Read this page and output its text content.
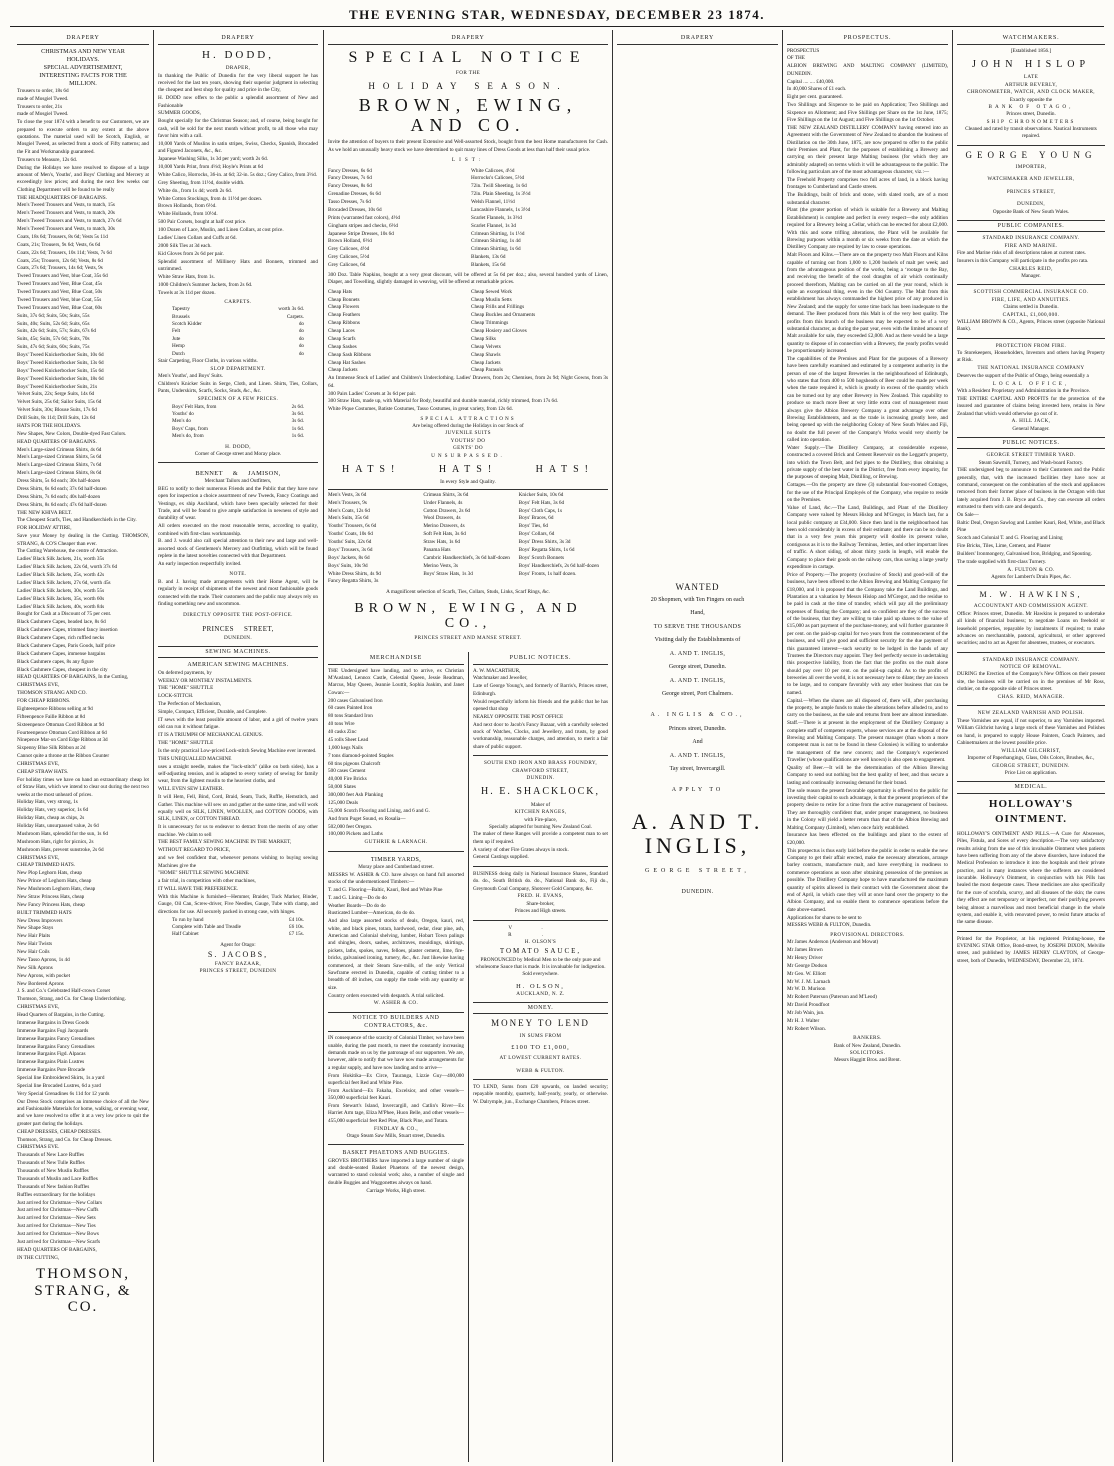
THE EVENING STAR, WEDNESDAY, DECEMBER 23 1874.
DRAPERY
CHRISTMAS AND NEW YEAR
HOLIDAYS.
SPECIAL ADVERTISEMENT,
INTERESTING FACTS FOR THE
MILLION.
Trousers to order, 18s 6d
made of Mosgiel Tweed.
Trousers to order, 21s
made of Mosgiel Tweed.
To close the year 1874 with a benefit to our Customers, we are prepared to execute orders to any extent at the above quotations. The material used will be Scotch, English, or Mosgiel Tweed, as selected from a stock of Fifty natterns; and the Fit and Workmanship guaranteed.
Trousers to Measure, 12s 6d.
During the Holidays we have resolved to dispose of a large amount of Men's, Youths', and Boys' Clothing and Mercery at exceedingly low prices; and during the next few weeks our Clothing Department will be found to be really
THE HEADQUARTERS OF BARGAINS.
Men's Tweed Trousers and Vests, to match, 15s
Men's Tweed Trousers and Vests, to match, 20s
Men's Tweed Trousers and Vests, to match, 27s 6d
Men's Tweed Trousers and Vests, to match, 30s
Coats, 18s 6d; Trousers, 8s 6d; Vests 5s 11d
Coats, 21s; Trousers, 9s 6d; Vests, 6s 6d
Coats, 22s 6d; Trousers, 10s 11d; Vests, 7s 6d
Coats, 25s; Trousers, 12s 6d; Vests, 8s 6d
Coats, 27s 6d; Trousers, 14s 6d; Vests, 9s
Tweed Trousers and Vest, blue Coat, 35s 6d
Tweed Trousers and Vest, Blue Coat, 45s
Tweed Trousers and Vest, Blue Coat, 50s
Tweed Trousers and Vest, blue Coat, 55s
Tweed Trousers and Vest, Blue Coat, 60s
Suits, 37s 6d; Suits, 50s; Suits, 55s
Suits, 40s; Suits, 52s 6d; Suits, 65s
Suits, 42s 6d; Suits, 57s; Suits, 67s 6d
Suits, 45s; Suits, 57s 6d; Suits, 70s
Suits, 47s 6d; Suits, 60s; Suits, 75s
Boys' Tweed Knickerbocker Suits, 10s 6d
Boys' Tweed Knickerbocker Suits, 13s 6d
Boys' Tweed Knickerbocker Suits, 15s 6d
Boys' Tweed Knickerbocker Suits, 18s 6d
Boys' Tweed Knickerbocker Suits, 21s
Velvet Suits, 22s; Serge Suits, 14s 6d
Velvet Suits, 25s 6d; Sailor Suits, 15s 6d
Velvet Suits, 30s; Blouse Suits, 17s 6d
Drill Suits, 8s 11d; Drill Suits, 12s 6d
HATS FOR THE HOLIDAYS.
New Shapes, New Colors, Double-dyed Fast Colors.
HEAD QUARTERS OF BARGAINS.
Men's Large-sized Crimean Shirts, 4s 6d
Men's Large-sized Crimean Shirts, 5s 6d
Men's Large-sized Crimean Shirts, 7s 6d
Men's Large-sized Crimean Shirts, 8s 6d
Dress Shirts, 5s 6d each; 30s half-dozen
Dress Shirts, 6s 6d each; 37s 6d half-dozen
Dress Shirts, 7s 6d each; 40s half-dozen
Dress Shirts, 8s 6d each; 47s 6d half-dozen
THE NEW KHIVA BELT.
The Cheapest Scarfs, Ties, and Handkerchiefs in the City.
FOR HOLIDAY ATTIRE,
Save your Money by dealing in the Cutting. THOMSON, STRANG, & CO'S Cheaper than ever.
The Cutting Warehouse, the centre of Attraction.
Ladies' Black Silk Jackets, 21s, worth 35s
Ladies' Black Silk Jackets, 22s 6d, worth 37s 6d
Ladies' Black Silk Jackets, 25s, worth 42s
Ladies' Black Silk Jackets, 27s 6d, worth 45s
Ladies' Black Silk Jackets, 30s, worth 55s
Ladies' Black Silk Jackets, 35s, worth 60s
Ladies' Black Silk Jackets, 40s, worth 84s
Bought for Cash at a Discount of 75 per cent.
Black Cashmere Capes, beaded lace, 8s 6d
Black Cashmere Capes, trimmed fancy insertion
Black Cashmere Capes, rich ruffled necks
Black Cashmere Capes, Paris Goods, half price
Black Cashmere Capes, immense bargains
Black Cashmere capes, 8s any figure
Black Cashmere Capes, cheapest in the city
HEAD QUARTERS OF BARGAINS, In the Cutting,
CHRISTMAS EVE,
THOMSON STRANG AND CO.
FOR CHEAP RIBBONS.
Eighteenpence Ribbons selling at 9d
Fifteenpence Faille Ribbon at 8d
Sixteenpence Ottoman Cord Ribbon at 9d
Fourteenpence Ottoman Cord Ribbon at 6d
Ninepence Mar-on Cord Edge Ribbon at 3d
Sixpenny Blue Silk Ribbon at 2d
Cannot quite a throne at the Ribbon Counter
CHRISTMAS EVE,
CHEAP STRAW HATS.
For holiday times we have on hand an extraordinary cheap lot of Straw Hats, which we intend to clear out during the next two weeks at the most unheard of prices.
Holiday Hats, very strong, 1s
Holiday Hats, very superior, 1s 6d
Holiday Hats, cheap as chips, 2s
Holiday Hats, unsurpassed value, 2s 6d
Mushroom Hats, splendid for the sun, 1s 6d
Mushroom Hats, right for picnics, 2s
Mushroom Hats, prevent sunstroke, 2s 6d
CHRISTMAS EVE,
CHEAP TRIMMED HATS.
New Plop Leghorn Hats, cheap
New Prince of Leghorn Hats, cheap
New Mushroom Leghorn Hats, cheap
New Straw Princess Hats, cheap
New Fancy Princess Hats, cheap
BUILT TRIMMED HATS
New Dress Improvers
New Shape Stays
New Hair Plaits
New Hair Twists
New Hair Coils
New Tasso Aprons, 1s 4d
New Silk Aprons
New Aprons, with pocket
New Bordered Aprons
J. S. and Co.'s Celebrated Half-crown Corset
Thomson, Strang, and Co. for Cheap Underclothing.
CHRISTMAS EVE,
Head Quarters of Bargains, in the Cutting.
Immense Bargains in Dress Goods
Immense Bargains Fugi Jacquards
Immense Bargains Fancy Grenadines
Immense Bargains Fancy Grenadines
Immense Bargains Figd. Alpacas
Immense Bargains Plain Lustres
Immense Bargains Pure Brocade
Special line Embroidered Skirts, 1s a yard
Special line Brocaded Lustres, 6d a yard
Very Special Grenadines 6s 11d for 12 yards
Our Dress Stock comprises an immense choice of all the New and Fashionable Materials for home, walking, or evening wear, and we have resolved to offer it at a very low price to quit the greater part during the holidays.
CHEAP DRESSES, CHEAP DRESSES.
Thomson, Strang, and Co. for Cheap Dresses.
CHRISTMAS EVE.
Thousands of New Lace Ruffles
Thousands of New Tulle Ruffles
Thousands of New Muslin Ruffles
Thousands of Muslin and Lace Ruffles
Thousands of New fashion Ruffles
Ruffles extraordinary for the holidays
Just arrived for Christmas—New Collars
Just arrived for Christmas—New Cuffs
Just arrived for Christmas—New Sets
Just arrived for Christmas—New Ties
Just arrived for Christmas—New Bows
Just arrived for Christmas—New Scarfs
HEAD QUARTERS OF BARGAINS,
IN THE CUTTING,
THOMSON, STRANG, & CO.
DRAPERY
H. DODD,
DRAPER,
In thanking the Public of Dunedin for the very liberal support he has received for the last ten years, showing their superior judgment in selecting the cheapest and best shop for quality and price in the City,
H. DODD now offers to the public a splendid assortment of New and Fashionable
SUMMER GOODS,
Bought specially for the Christmas Season; and, of course, being bought for cash, will be sold for the next month without profit, to all those who may favor him with a call.
10,000 Yards of Muslins in satin stripes, Swiss, Checks, Spanish, Brocaded and Figured Jaconets, &c., &c.
Japanese Washing Silks, 1s 3d per yard; worth 2s 6d.
10,000 Yards Print, from 4½d; Hoyle's Prints at 6d
White Calico, Horrocks, 36-in. at 6d; 32-in. 5s doz.; Grey Calico, from 3½d.
Grey Sheeting, from 11½d, double width.
White do., from 1s 4d; worth 2s 6d.
White Cotton Stockings, from 4s 11½d per dozen.
Brown Hollands, from 6½d.
White Hollands, from 10½d.
500 Pair Corsets, bought at half cost price.
100 Dozen of Lace, Muslin, and Linen Collars, at cost price.
Ladies' Linen Collars and Cuffs at 6d.
2000 Silk Ties at 3d each.
Kid Gloves from 2s 6d per pair.
Splendid assortment of Millinery Hats and Bonnets, trimmed and untrimmed.
White Straw Hats, from 1s.
1000 Children's Summer Jackets, from 2s 6d.
Towels at 3s 11d per dozen.
CARPETS.
Tapestry	worth 3s 6d.
Brussels	Carpets.
Scotch Kidder	do
Felt	do
Jute	do
Hemp	do
Dutch	do
Stair Carpeting, Floor Cloths, in various widths.
SLOP DEPARTMENT.
Men's Youths', and Boys' Suits.
Children's Knicker Suits in Serge, Cloth, and Linen. Shirts, Ties, Collars, Pants, Underskirts, Scarfs, Socks, Studs, &c., &c.
SPECIMEN OF A FEW PRICES.
Boys' Felt Hats, from	2s 6d.
Youths' do	3s 6d.
Men's do	3s 6d.
Boys' Caps, from	1s 6d.
Men's do, from	1s 6d.
H. DODD,
Corner of George street and Moray place.
BENNET & JAMISON,
Merchant Tailors and Outfitters,
BEG to notify to their numerous Friends and the Public that they have now open for inspection a choice assortment of new Tweeds, Fancy Coatings and Vestings, ex ship Auckland, which have been specially selected for their Trade, and will be found to give ample satisfaction in newness of style and durability of wear.
All orders executed on the most reasonable terms, according to quality, combined with first-class workmanship.
B. and J. would also call special attention to their new and large and well-assorted stock of Gentlemen's Mercery and Outfitting, which will be found replete in the latest novelties connected with that Department.
An early inspection respectfully invited.
NOTE.
B. and J. having made arrangements with their Home Agent, will be regularly in receipt of shipments of the newest and most fashionable goods connected with the trade. Their customers and the public may always rely on finding something new and uncommon.
DIRECTLY OPPOSITE THE POST-OFFICE.
PRINCES STREET,
DUNEDIN.
SEWING MACHINES.
AMERICAN SEWING MACHINES.
On deferred payments, by
WEEKLY OR MONTHLY INSTALMENTS.
THE "HOME" SHUTTLE
LOCK-STITCH.
The Perfection of Mechanism,
Simple, Compact, Efficient, Durable, and Complete.
IT sews with the least possible amount of labor, and a girl of twelve years old can run it without fatigue.
IT IS A TRIUMPH OF MECHANICAL GENIUS.
THE "HOME" SHUTTLE
Is the only practical Low-priced Lock-stitch Sewing Machine ever invented.
THIS UNEQUALLED MACHINE
uses a straight needle, makes the "lock-stitch" (alike on both sides), has a self-adjusting tension, and is adapted to every variety of sewing for family wear, from the lightest muslin to the heaviest cloths, and
WILL EVEN SEW LEATHER.
It will Hem, Fell, Bind, Cord, Braid, Seam, Tuck, Ruffle, Hemstitch, and Gather. This machine will sew on and gather at the same time, and will work equally well on SILK, LINEN, WOOLLEN, and COTTON GOODS, with SILK, LINEN, or COTTON THREAD.
It is unnecessary for us to endeavor to detract from the merits of any other machine. We claim to sell
THE BEST FAMILY SEWING MACHINE IN THE MARKET,
WITHOUT REGARD TO PRICE,
and we feel confident that, whenever persons wishing to buying sewing Machines give the
"HOME" SHUTTLE SEWING MACHINE
a fair trial, in competition with other machines,
IT WILL HAVE THE PREFERENCE.
With this Machine is furnished—Hemmer, Braider, Tuck Marker, Binder, Gauge, Oil Can, Screw-driver, Five Needles, Gauge, Tube with clamp, and directions for use. All securely packed in strong case, with hinges.
To run by hand	£4 10s.
Complete with Table and Treadle	£6 10s.
Half Cabinet	£7 15s.
Agent for Otago:
S. JACOBS,
FANCY BAZAAR,
PRINCES STREET, DUNEDIN
DRAPERY
SPECIAL NOTICE
FOR THE
HOLIDAY SEASON.
BROWN, EWING, AND CO.
Invite the attention of buyers to their present Extensive and Well-assorted Stock, bought from the best Home manufacturers for Cash. As we hold an unusually heavy stock we have determined to quit many lines of Dress Goods at less than half their usual price.
LIST:
Fancy Dresses, 6s 6d
Fancy Dresses, 7s 6d
Fancy Dresses, 8s 6d
Grenadine Dresses, 6s 6d
Tasso Dresses, 7s 6d
Brocaded Dresses, 10s 6d
Prints (warranted fast colors), 4½d
Gingham stripes and checks, 6½d
Japanese Stripe Dresses, 10s 6d
Brown Holland, 6½d
Grey Calicoes, 4½d
Grey Calicoes, 5½d
Grey Calicoes, 6d
White Calicoes, 4½d
Horrocks's Calicoes, 5½d
72in. Twill Sheeting, 1s 6d
72in. Plain Sheeting, 1s 3½d
Welsh Flannel, 11½d
Lancashire Flannels, 1s 3½d
Scarlet Flannels, 1s 3½d
Scarlet Flannel, 1s 3d
Crimean Shirting, 1s 1½d
Crimean Shirting, 1s 4d
Crimean Shirting, 1s 6d
Blankets, 13s 6d
Blankets, 15s 6d
300 Doz. Table Napkins, bought at a very great discount, will be offered at 5s 6d per doz.; also, several hundred yards of Linen, Diaper, and Towelling, slightly damaged in weaving, will be offered at remarkable prices.
Cheap Hats
Cheap Bonnets
Cheap Flowers
Cheap Feathers
Cheap Ribbons
Cheap Laces
Cheap Scarfs
Cheap Sashes
Cheap Sash Ribbons
Cheap Hat Sashes
Cheap Jackets
Cheap Sewed Work
Cheap Muslin Setts
Cheap Frills and Frillings
Cheap Buckles and Ornaments
Cheap Trimmings
Cheap Hosiery and Gloves
Cheap Silks
Cheap Velvets
Cheap Shawls
Cheap Jackets
Cheap Parasols
An Immense Stock of Ladies' and Children's Underclothing. Ladies' Drawers, from 2s; Chemises, from 2s 9d; Night Gowns, from 3s 6d.
300 Pairs Ladies' Corsets at 3s 6d per pair.
300 Straw Hats, made up, with Material for Body, beautiful and durable material, richly trimmed, from 17s 6d.
White Pique Costumes, Batiste Costumes, Tasso Costumes, in great variety, from 12s 6d.
SPECIAL ATTRACTIONS
Are being offered during the Holidays in our Stock of
JUVENILE SUITS
YOUTHS' DO
GENTS' DO
UNSURPASSED.
HATS! HATS! HATS!
In every Style and Quality.
Men's Vests, 3s 6d
Men's Trousers, 9s
Men's Coats, 12s 6d
Men's Suits, 35s 6d
Youths' Trousers, 6s 6d
Youths' Coats, 10s 6d
Youths' Suits, 32s 6d
Boys' Trousers, 3s 6d
Boys' Jackets, 8s 6d
Boys' Suits, 10s 9d
White Dress Shirts, 4s 9d
Fancy Regatta Shirts, 3s
Crimean Shirts, 3s 6d
Under Flannels, 4s
Cotton Drawers, 2s 6d
Wool Drawers, 4s
Merino Drawers, 4s
Soft Felt Hats, 3s 6d
Straw Hats, 1s 6d
Panama Hats
Cambric Handkerchiefs, 3s 6d half-dozen
Merino Vests, 3s
Boys' Straw Hats, 1s 3d
Knicker Suits, 10s 6d
Boys' Felt Hats, 3s 6d
Boys' Cloth Caps, 1s
Boys' Braces, 6d
Boys' Ties, 6d
Boys' Collars, 6d
Boys' Dress Shirts, 3s 3d
Boys' Regatta Shirts, 1s 6d
Boys' Scotch Bonnets
Boys' Handkerchiefs, 2s 6d half-dozen
Boys' Fronts, 1s half dozen.
A magnificent selection of Scarfs, Ties, Collars, Studs, Links, Scarf Rings, &c.
BROWN, EWING, AND CO.,
PRINCES STREET AND MANSE STREET.
MERCHANDISE
THE Undersigned have landing, and to arrive, ex Christian M'Ausland, Lennox Castle, Celestial Queen, Jessie Readman, Marcus, May Queen, Jeannie Louttit, Sophia Joakim, and Janet Cowan:—
200 cases Galvanised Iron
60 cases Painted Iron
80 tons Standard Iron
40 tons Wire
40 casks Zinc
45 rolls Sheet Lead
1,000 kegs Nails
7 tons diamond-pointed Staples
60 tins pigeons Chalcroft
500 cases Cement
40,000 Fire Bricks
50,000 Slates
300,000 feet Ash Planking
125,000 Deals
55,000 Scotch Flooring and Lining, and 6 and G.
And from Puget Sound, ex Rosalia—
502,000 feet Oregon.
100,000 Pickets and Laths
GUTHRIE & LARNACH.
TIMBER YARDS,
Moray place and Cumberland street.
MESSRS W. ASHER & CO. have always on hand full assorted stocks of the undermentioned Timbers:—
T. and G. Flooring—Baltic, Kauri, Red and White Pine
T. and G. Lining—Do do do
Weather Boards—Do do do
Rusticated Lumber—American, do do do.
And also large assorted stocks of deals, Oregon, kauri, red, white, and black pines, totara, hardwood, cedar, clear pine, ash, American and Colonial shelving, lumber, Hobart Town palings and shingles, doors, sashes, architraves, mouldings, skirtings, pickets, laths, spokes, naves, felloes, plaster cement, lime, fire-bricks, galvanised ironing, turnery, &c., &c. Just likewise having commenced, at their Steam Saw-mills, of the only Vertical Sawframe erected in Dunedin, capable of cutting timber to a breadth of 48 inches, can supply the trade with any quantity or size.
Country orders executed with despatch. A trial solicited.
W. ASHER & CO.
NOTICE TO BUILDERS AND CONTRACTORS, &c.
IN consequence of the scarcity of Colonial Timber, we have been unable, during the past month, to meet the constantly increasing demands made on us by the patronage of our supporters. We are, however, able to notify that we have now made arrangements for a regular supply, and have now landing and to arrive—
From Hokitika—Ex Circe, Tauranga, Lizzie Guy—400,000 superficial feet Red and White Pine.
From Auckland—Ex Fakaha, Excelsior, and other vessels—350,000 superficial feet Kauri.
From Stewart's Island, Invercargill, and Catlin's River—Ex Harriet Arm tage, Eliza M'Phee, Huon Belle, and other vessels—455,000 superficial feet Red Pine, Black Pine, and Totara.
FINDLAY & CO.,
Otago Steam Saw Mills, Stuart street, Dunedin.
BASKET PHAETONS AND BUGGIES.
GROVES BROTHERS have imported a large number of single and double-seated Basket Phaetons of the newest design, warranted to stand colonial work; also, a number of single and double Buggies and Waggonettes always on hand.
Carriage Works, High street.
PUBLIC NOTICES.
A. W. MACARTHUR,
Watchmaker and Jeweller,
Late of George Young's, and formerly of Barris's, Princes street, Edinburgh.
Would respectfully inform his friends and the public that he has opened that shop
NEARLY OPPOSITE THE POST OFFICE
And next door to Jacob's Fancy Bazaar, with a carefully selected stock of Watches, Clocks, and Jewellery, and trusts, by good workmanship, reasonable charges, and attention, to merit a fair share of public support.
SOUTH END IRON AND BRASS FOUNDRY,
CRAWFORD STREET,
DUNEDIN.
H. E. SHACKLOCK,
Maker of
KITCHEN RANGES,
with Fire-place,
Specially adapted for burning New Zealand Coal.
The maker of these Ranges will provide a competent man to set them up if required.
A variety of other Fire Grates always in stock.
General Castings supplied.
BUSINESS doing daily in National Insurance Shares, Standard do. do., South British do. do., National Bank do., Fiji do., Greymouth Coal Company, Shotover Gold Company, &c.
FRED. H. EVANS,
Share-broker,
Princes and High streets.
V. R.
H. OLSON'S
TOMATO SAUCE,
PRONOUNCED by Medical Men to be the only pure and wholesome Sauce that is made. It is invaluable for indigestion. Sold everywhere.
H. OLSON,
AUCKLAND, N. Z.
MONEY.
MONEY TO LEND
IN SUMS FROM
£100 TO £1,000,
AT LOWEST CURRENT RATES.
WEBB & FULTON.
TO LEND, Sums from £20 upwards, on landed security; repayable monthly, quarterly, half-yearly, yearly, or otherwise. W. Dalrymple, jun., Exchange Chambers, Princes street.
DRAPERY
WANTED
20 Shopmen, with Ten Fingers on each
Hand,
TO SERVE THE THOUSANDS
Visiting daily the Establishments of
A. AND T. INGLIS,
George street, Dunedin.
A. AND T. INGLIS,
George street, Port Chalmers.
A. INGLIS & CO.,
Princes street, Dunedin.
And
A. AND T. INGLIS,
Tay street, Invercargill.
APPLY TO
A. AND T. INGLIS,
GEORGE STREET,
DUNEDIN.
PROSPECTUS.
PROSPECTUS
OF THE
ALBION BREWING AND MALTING COMPANY (LIMITED), DUNEDIN.
Capital .... .... £40,000.
In 40,000 Shares of £1 each.
Eight per cent. guaranteed.
Two Shillings and Sixpence to be paid on Application; Two Shillings and Sixpence on Allotment; and Five Shillings per Share on the 1st June, 1875; Five Shillings on the 1st August; and Five Shillings on the 1st October.
THE NEW ZEALAND DISTILLERY COMPANY having entered into an Agreement with the Government of New Zealand to abandon the business of Distillation on the 30th June, 1875, are now prepared to offer to the public their Premises and Plant, for the purposes of establishing a Brewery and carrying on their present large Malting business (for which they are admirably adapted) on terms which it will be advantageous to the public. The following particulars are of the most advantageous character, viz.:—
The Freehold Property comprises two full acres of land, in a block having frontages to Cumberland and Castle streets.
The Buildings, built of brick and stone, with slated roofs, are of a most substantial character.
Plant (the greater portion of which is suitable for a Brewery and Malting Establishment) is complete and perfect in every respect—the only addition required for a Brewery being a Cellar, which can be erected for about £2,000. With this and some trifling alterations, the Plant will be available for Brewing purposes within a month or six weeks from the date at which the Distillery Company are required by law to cease operations.
Malt Floors and Kilns.—There are on the property two Malt Floors and Kilns capable of turning out from 1,000 to 1,200 bushels of malt per week; and from the advantageous position of the works, being a ‘rootage to the Bay, and receiving the benefit of the cool draughts of air which continually proceed therefrom, Malting can be carried on all the year round, which is quite an exceptional thing, even in the Old Country. The Malt from this establishment has always commanded the highest price of any produced in New Zealand; and the supply for some time back has been inadequate to the demand. The Beer produced from this Malt is of the very best quality. The profits from this branch of the business may be expected to be of a very substantial character, as during the past year, even with the limited amount of Malt available for sale, they exceeded £2,000. And as there would be a large quantity to dispose of in connection with a Brewery, the yearly profits would be proportionately increased.
The capabilities of the Premises and Plant for the purposes of a Brewery have been carefully examined and estimated by a competent authority in the person of one of the largest Breweries in the neighbourhood of Edinburgh, who states that from 400 to 500 hogsheads of Beer could be made per week when the taste required it, which is greatly in excess of the quantity which can be turned out by any other Brewery in New Zealand. This capability to produce so much more Beer at very little extra cost of management must always give the Albion Brewery Company a great advantage over other Brewing Establishments, and as the trade is increasing greatly here, and being opened up with the neighboring Colony of New South Wales and Fiji, no doubt the full power of the Company's Works would very shortly be called into operation.
Water Supply.—The Distillery Company, at considerable expense, constructed a covered Brick and Cement Reservoir on the Leggatt's property, into which the Town Belt, and fed pipes to the Distillery, thus obtaining a private supply of the best water in the District, free from every impurity, for the purposes of steeping Malt, Distilling, or Brewing.
Cottages.—On the property are three (3) substantial four-roomed Cottages, for the use of the Principal Employés of the Company, who require to reside on the Premises.
Value of Land, &c.—The Land, Buildings, and Plant of the Distillery Company were valued by Messrs Hislop and M'Gregor, in March last, for a local public company at £34,000. Since then land in the neighbourhood has been sold considerably in excess of their estimate; and there can be no doubt that in a very few years this property will double its present value, contiguous as it is to the Railway Terminus, Jetties, and other important lines of traffic. A short siding, of about thirty yards in length, will enable the Company to place their goods on the railway cars, thus saving a large yearly expenditure in cartage.
Price of Property.—The property (exclusive of Stock) and good-will of the business, have been offered to the Albion Brewing and Malting Company for £18,000, and it is proposed that the Company take the Land Buildings, and Plantation at a valuation by Messrs Hislop and M'Gregor, and the residue to be paid in cash at the time of transfer, which will pay all the preliminary expenses of floating the Company; and so confident are they of the success of the business, that they are willing to take paid up shares to the value of £15,000 as part payment of the purchase-money, and will further guarantee 8 per cent. on the paid-up capital for two years from the commencement of the business, and will give good and sufficient security for the due payment of this guaranteed interest—such security to be lodged in the hands of any Trustees the Directors may appoint. They feel perfectly secure in undertaking this prospective liability, from the fact that the profits on the malt alone should pay over 10 per cent. on the paid-up capital. As to the profits of breweries all over the world, it is not necessary here to dilate; they are known to be large, and to compare favorably with any other business that can be named.
Capital.—When the shares are all disposed of, there will, after purchasing the property, be ample funds to make the alterations before alluded to, and to carry on the business, as the sale and returns from beer are almost immediate.
Staff.—There is at present in the employment of the Distillery Company a complete staff of competent experts, whose services are at the disposal of the Brewing and Malting Company. The present manager (than whom a more competent man is not to be found in these Colonies) is willing to undertake the management of the new concern; and the Company's experienced Traveller (whose qualifications are well known) is also open to engagement.
Quality of Beer.—It will be the determination of the Albion Brewing Company to send out nothing but the best quality of beer, and thus secure a lasting and continually increasing demand for their brand.
The sole reason the present favorable opportunity is offered to the public for investing their capital to such advantage, is that the present proprietors of the property desire to retire for a time from the active management of business. They are thoroughly confident that, under proper management, no business in the Colony will yield a better return than that of the Albion Brewing and Malting Company (Limited), when once fairly established.
Insurance has been effected on the buildings and plant to the extent of £20,000.
This prospectus is thus early laid before the public in order to enable the new Company to get their affair erected, make the necessary alterations, arrange barley contracts, manufacture malt, and have everything in readiness to commence operations as soon after obtaining possession of the premises as possible. The Distillery Company hope to have manufactured the maximum quantity of spirits allowed in their contract with the Government about the end of April, in which case they will at once hand over the property to the Albion Company, and so enable them to commence operations before the date above-named.
Applications for shares to be sent to
MESSRS WEBB & FULTON, Dunedin.
PROVISIONAL DIRECTORS.
Mr James Anderson (Anderson and Mowat)
Mr James Brown
Mr Henry Driver
Mr George Dodson
Mr Geo. W. Elliott
Mr W. J. M. Larnach
Mr W. D. Murison
Mr Robert Paterson (Paterson and M'Leod)
Mr David Proudfoot
Mr Job Wain, jun.
Mr H. J. Walter
Mr Robert Wilson.
BANKERS.
Bank of New Zealand, Dunedin.
SOLICITORS.
Messrs Haggitt Bros. and Brent.
WATCHMAKERS.
[Established 1856.]
JOHN HISLOP
LATE
ARTHUR BEVERLY,
CHRONOMETER, WATCH, AND CLOCK MAKER,
Exactly opposite the
BANK OF OTAGO,
Princes street, Dunedin.
SHIP CHRONOMETERS
Cleaned and rated by transit observations. Nautical Instruments repaired.
GEORGE YOUNG
IMPORTER,
WATCHMAKER AND JEWELLER,
PRINCES STREET,
DUNEDIN,
Opposite Bank of New South Wales.
PUBLIC COMPANIES.
STANDARD INSURANCE COMPANY.
FIRE AND MARINE.
Fire and Marine risks of all descriptions taken at current rates.
Insurers in this Company will participate in the profits pro rata.
CHARLES REID,
Manager.
SCOTTISH COMMERCIAL INSURANCE CO.
FIRE, LIFE, AND ANNUITIES.
Claims settled in Dunedin.
CAPITAL, £1,000,000.
WILLIAM BROWN & CO., Agents, Princes street (opposite National Bank).
PROTECTION FROM FIRE.
To Storekeepers, Householders, Investors and others having Property at Risk.
THE NATIONAL INSURANCE COMPANY
Deserves the support of the Public of Otago, being essentially a
LOCAL OFFICE,
With a Resident Proprietary and Administration in the Province.
THE ENTIRE CAPITAL AND PROFITS for the protection of the insured and guarantee of claims being invested here, retains in New Zealand that which would otherwise go out of it.
A. HILL JACK,
General Manager.
PUBLIC NOTICES.
GEORGE STREET TIMBER YARD.
Steam Sawmill, Turnery, and Wash-board Factory.
THE undersigned beg to announce to their Customers and the Public generally, that, with the increased facilities they have now at command, consequent on the combination of the stock and appliances removed from their former place of business in the Octagon with that lately acquired from J. B. Bryce and Co., they can execute all orders entrusted to them with care and despatch.
On Sale—
Baltic Deal, Oregon Sawlog and Lumber Kauri, Red, White, and Black Pine
Scotch and Colonial T. and G. Flooring and Lining
Fire Bricks, Tiles, Lime, Cement, and Plaster
Builders' Ironmongery, Galvanised Iron, Bridging, and Spouting.
The trade supplied with first-class Turnery.
A. FULTON & CO.
Agents for Lambert's Drain Pipes, &c.
M. W. HAWKINS,
ACCOUNTANT AND COMMISSION AGENT.
Office: Princes street, Dunedin. Mr Hawkins is prepared to undertake all kinds of financial business; to negotiate Loans on freehold or leasehold properties, repayable by instalments if required; to make advances on merchantable, pastoral, agricultural, or other approved securities; and to act as Agent for absentees, trustees, or executors.
STANDARD INSURANCE COMPANY.
NOTICE OF REMOVAL.
DURING the Erection of the Company's New Offices on their present site, the business will be carried on in the premises of Mr Ross, clothier, on the opposite side of Princes street.
CHAS. REID, MANAGER.
NEW ZEALAND VARNISH AND POLISH.
These Varnishes are equal, if not superior, to any Varnishes imported. William Gilchrist having a large stock of these Varnishes and Polishes on hand, is prepared to supply House Painters, Coach Painters, and Cabinetmakers at the lowest possible price.
WILLIAM GILCHRIST,
Importer of Paperhangings, Glass, Oils Colors, Brushes, &c.,
GEORGE STREET, DUNEDIN.
Price List on application.
MEDICAL.
HOLLOWAY'S OINTMENT.
HOLLOWAY'S OINTMENT AND PILLS.—A Cure for Abscesses, Piles, Fistula, and Sores of every description.—The very satisfactory results arising from the use of this invaluable Ointment when patients have been suffering from any of the above disorders, have induced the Medical Profession to introduce it into the hospitals and their private practice, and in many instances where the sufferers are considered incurable. Holloway's Ointment, in conjunction with his Pills has healed the most desperate cases. These medicines are also specifically for the cure of scrofula, scurvy, and all diseases of the skin; the cures they effect are not temporary or imperfect, nor their purifying powers being almost a marvellous and most beneficial change in the whole system, and enable it, with renovated power, to resist future attacks of the same disease.
Printed for the Proprietor, at his registered Printing-house, the EVENING STAR Office, Bond-street, by JOSEPH DIXON, Melville street, and published by JAMES HENRY CLAYTON, of George-street, both of Dunedin, WEDNESDAY, December 23, 1874.
